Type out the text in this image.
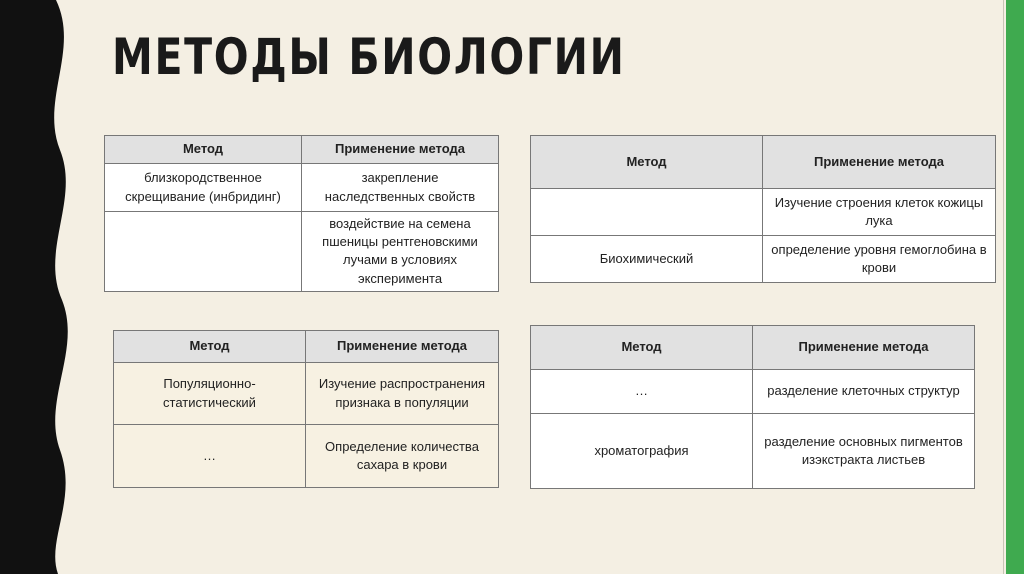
МЕТОДЫ БИОЛОГИИ
Метод	Применение метода
близкородственное скрещивание (инбридинг)	закрепление наследственных свойств
	воздействие на семена пшеницы рентгеновскими лучами в условиях эксперимента
Метод	Применение метода
	Изучение строения клеток кожицы лука
Биохимический	определение уровня гемоглобина в крови
Метод	Применение метода
Популяционно-статистический	Изучение распространения признака в популяции
…	Определение количества сахара в крови
Метод	Применение метода
…	разделение клеточных структур
хроматография	разделение основных пигментов изэкстракта листьев
